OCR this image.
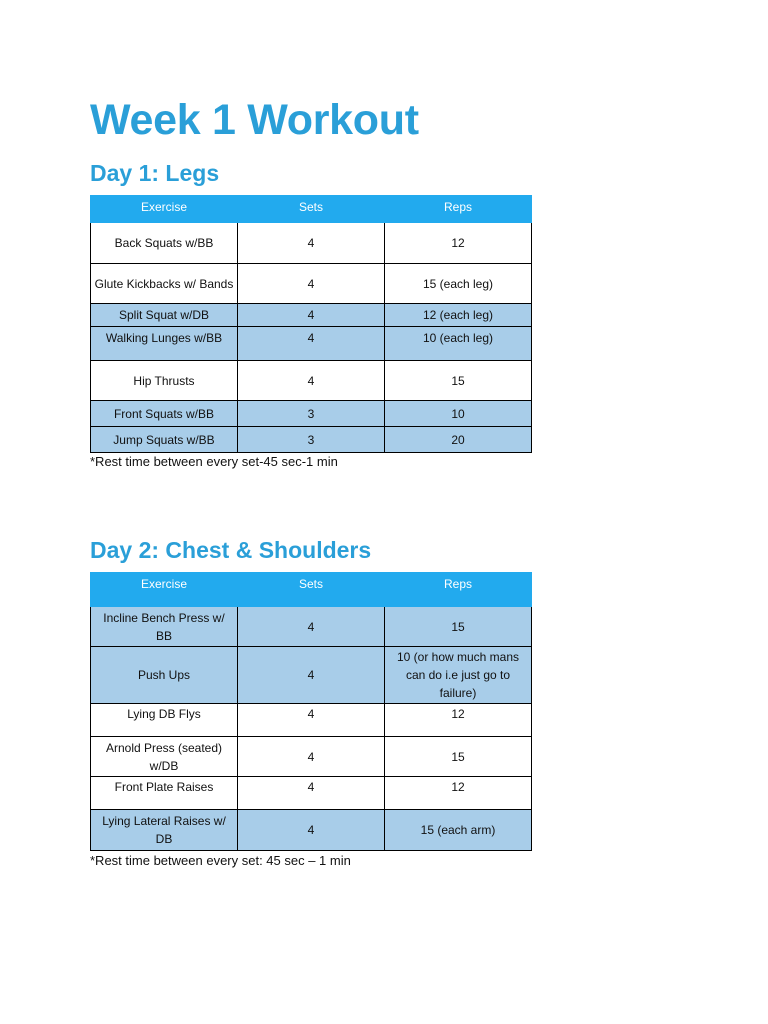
Week 1 Workout
Day 1: Legs
Exercise	Sets	Reps
Back Squats w/BB	4	12
Glute Kickbacks w/ Bands	4	15 (each leg)
Split Squat w/DB	4	12 (each leg)
Walking Lunges w/BB	4	10 (each leg)
Hip Thrusts	4	15
Front Squats w/BB	3	10
Jump Squats w/BB	3	20

*Rest time between every set-45 sec-1 min

Day 2: Chest & Shoulders
Exercise	Sets	Reps
Incline Bench Press w/ BB	4	15
Push Ups	4	10 (or how much mans can do i.e just go to failure)
Lying DB Flys	4	12
Arnold Press (seated) w/DB	4	15
Front Plate Raises	4	12
Lying Lateral Raises w/ DB	4	15 (each arm)

*Rest time between every set: 45 sec – 1 min
